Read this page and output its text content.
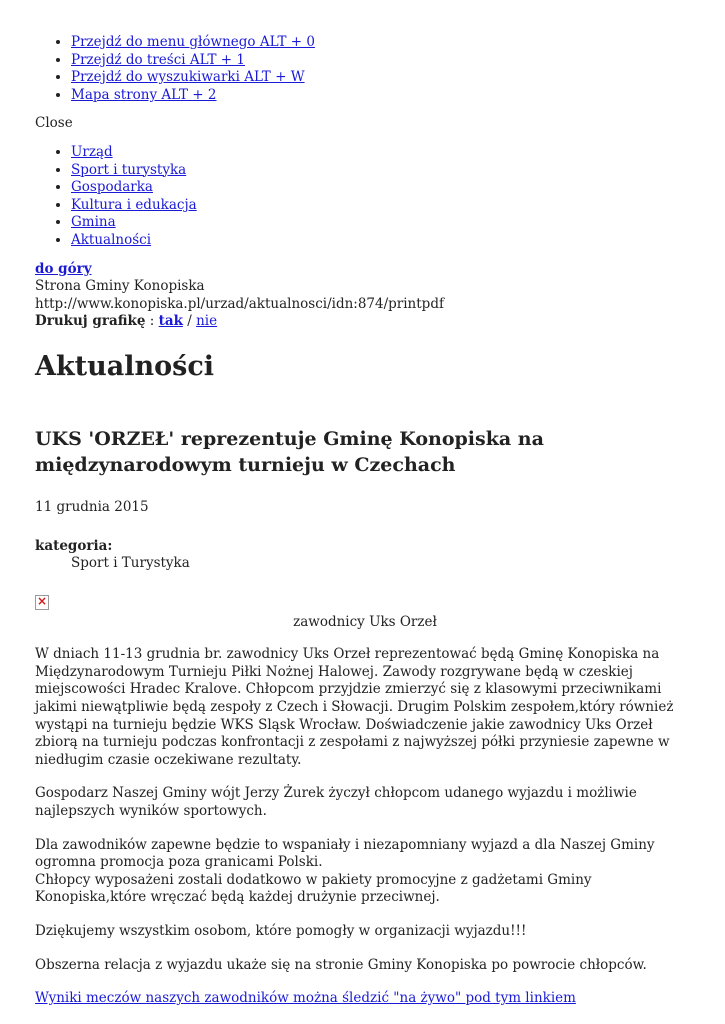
• Przejdź do menu głównego ALT + 0
• Przejdź do treści ALT + 1
• Przejdź do wyszukiwarki ALT + W
• Mapa strony ALT + 2
Close
• Urząd
• Sport i turystyka
• Gospodarka
• Kultura i edukacja
• Gmina
• Aktualności
do góry
Strona Gminy Konopiska
http://www.konopiska.pl/urzad/aktualnosci/idn:874/printpdf
Drukuj grafikę : tak / nie
Aktualności
UKS 'ORZEŁ' reprezentuje Gminę Konopiska na międzynarodowym turnieju w Czechach
11 grudnia 2015
kategoria:
Sport i Turystyka
×
zawodnicy Uks Orzeł

W dniach 11-13 grudnia br. zawodnicy Uks Orzeł reprezentować będą Gminę Konopiska na Międzynarodowym Turnieju Piłki Nożnej Halowej. Zawody rozgrywane będą w czeskiej miejscowości Hradec Kralove. Chłopcom przyjdzie zmierzyć się z klasowymi przeciwnikami jakimi niewątpliwie będą zespoły z Czech i Słowacji. Drugim Polskim zespołem,który również wystąpi na turnieju będzie WKS Sląsk Wrocław. Doświadczenie jakie zawodnicy Uks Orzeł zbiorą na turnieju podczas konfrontacji z zespołami z najwyższej półki przyniesie zapewne w niedługim czasie oczekiwane rezultaty.

Gospodarz Naszej Gminy wójt Jerzy Żurek życzył chłopcom udanego wyjazdu i możliwie najlepszych wyników sportowych.

Dla zawodników zapewne będzie to wspaniały i niezapomniany wyjazd a dla Naszej Gminy ogromna promocja poza granicami Polski.
Chłopcy wyposażeni zostali dodatkowo w pakiety promocyjne z gadżetami Gminy Konopiska,które wręczać będą każdej drużynie przeciwnej.

Dziękujemy wszystkim osobom, które pomogły w organizacji wyjazdu!!!

Obszerna relacja z wyjazdu ukaże się na stronie Gminy Konopiska po powrocie chłopców.

Wyniki meczów naszych zawodników można śledzić "na żywo" pod tym linkiem
